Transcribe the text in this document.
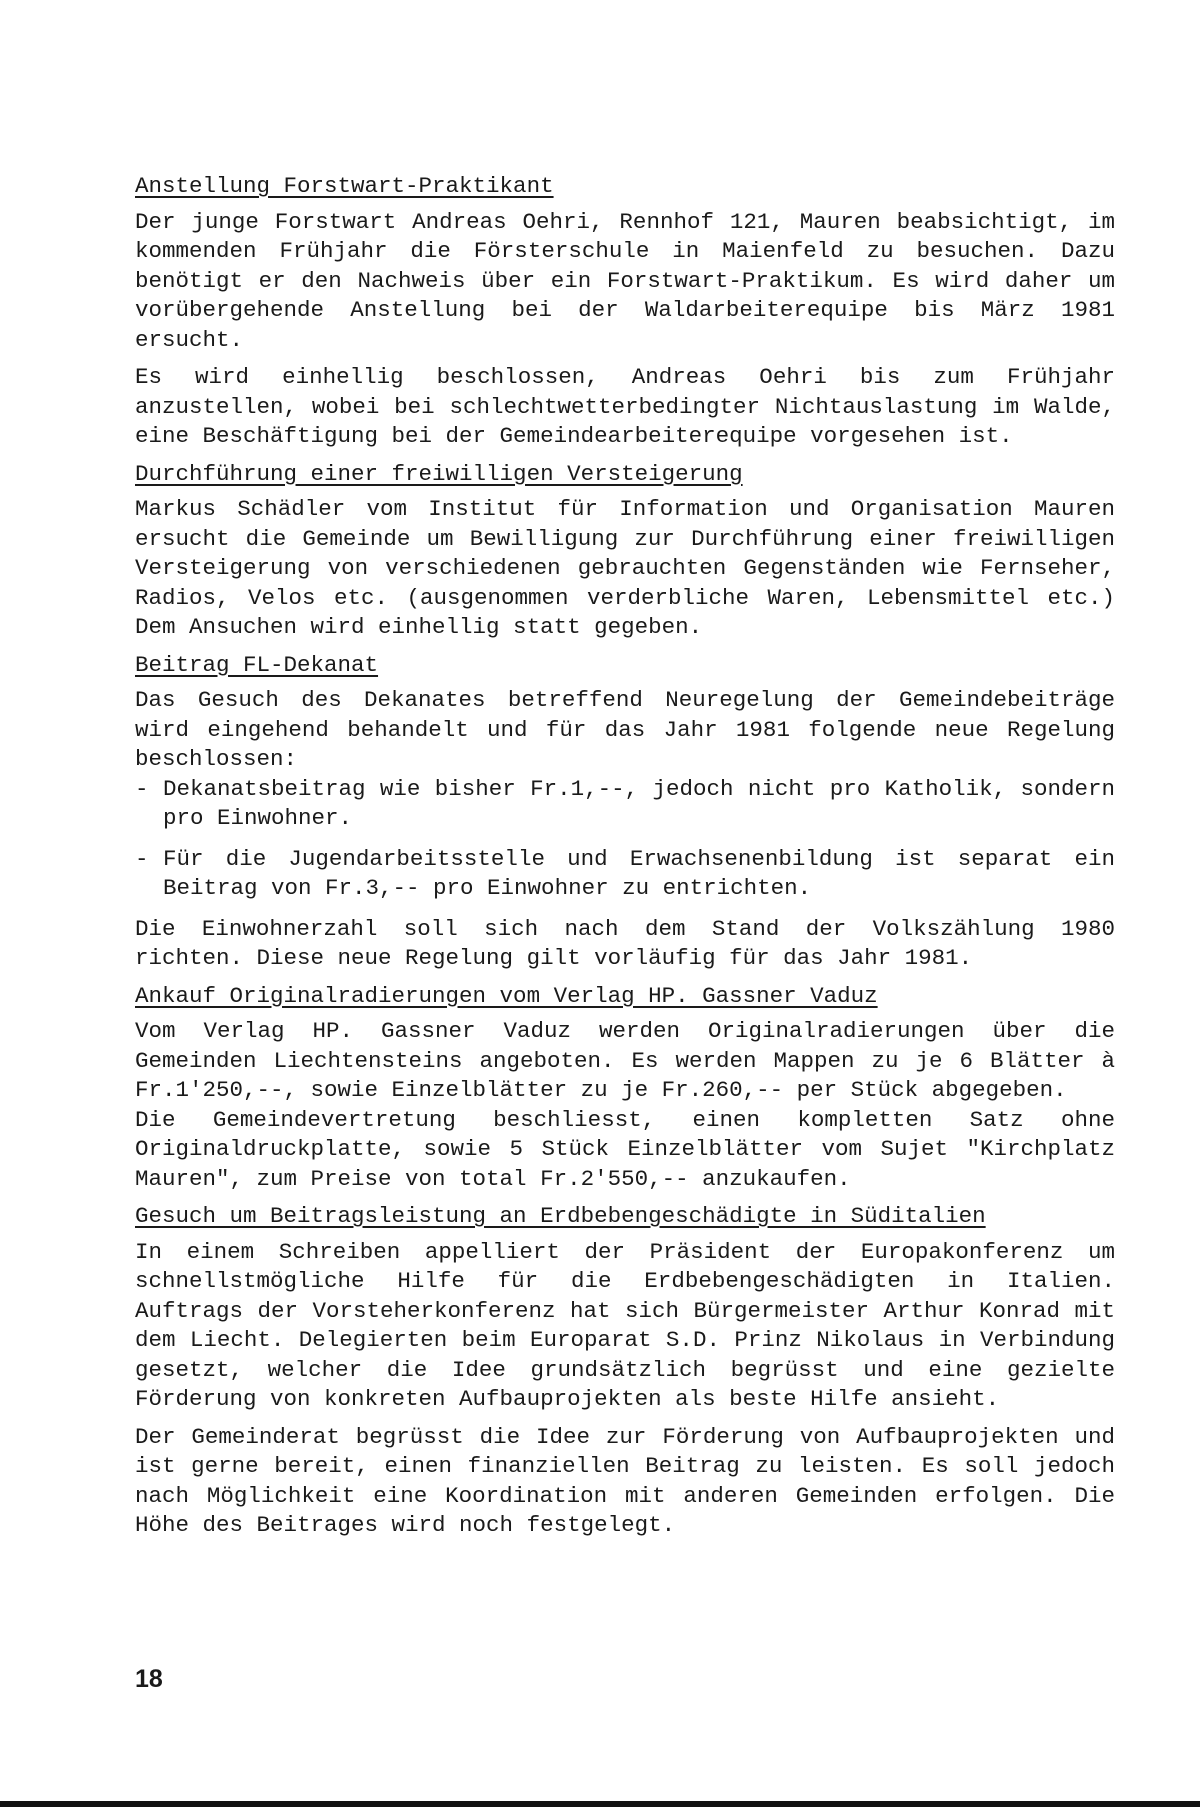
Anstellung Forstwart-Praktikant

Der junge Forstwart Andreas Oehri, Rennhof 121, Mauren beabsichtigt, im kommenden Frühjahr die Försterschule in Maienfeld zu besuchen. Dazu benötigt er den Nachweis über ein Forstwart-Praktikum. Es wird daher um vorübergehende Anstellung bei der Waldarbeiterequipe bis März 1981 ersucht.

Es wird einhellig beschlossen, Andreas Oehri bis zum Frühjahr anzustellen, wobei bei schlechtwetterbedingter Nichtauslastung im Walde, eine Beschäftigung bei der Gemeindearbeiterequipe vorgesehen ist.

Durchführung einer freiwilligen Versteigerung

Markus Schädler vom Institut für Information und Organisation Mauren ersucht die Gemeinde um Bewilligung zur Durchführung einer freiwilligen Versteigerung von verschiedenen gebrauchten Gegenständen wie Fernseher, Radios, Velos etc. (ausgenommen verderbliche Waren, Lebensmittel etc.) Dem Ansuchen wird einhellig statt gegeben.

Beitrag FL-Dekanat

Das Gesuch des Dekanates betreffend Neuregelung der Gemeindebeiträge wird eingehend behandelt und für das Jahr 1981 folgende neue Regelung beschlossen:

- Dekanatsbeitrag wie bisher Fr.1,--, jedoch nicht pro Katholik, sondern pro Einwohner.
- Für die Jugendarbeitsstelle und Erwachsenenbildung ist separat ein Beitrag von Fr.3,-- pro Einwohner zu entrichten.

Die Einwohnerzahl soll sich nach dem Stand der Volkszählung 1980 richten. Diese neue Regelung gilt vorläufig für das Jahr 1981.

Ankauf Originalradierungen vom Verlag HP. Gassner Vaduz

Vom Verlag HP. Gassner Vaduz werden Originalradierungen über die Gemeinden Liechtensteins angeboten. Es werden Mappen zu je 6 Blätter à Fr.1'250,--, sowie Einzelblätter zu je Fr.260,-- per Stück abgegeben.

Die Gemeindevertretung beschliesst, einen kompletten Satz ohne Originaldruckplatte, sowie 5 Stück Einzelblätter vom Sujet "Kirchplatz Mauren", zum Preise von total Fr.2'550,-- anzukaufen.

Gesuch um Beitragsleistung an Erdbebengeschädigte in Süditalien

In einem Schreiben appelliert der Präsident der Europakonferenz um schnellstmögliche Hilfe für die Erdbebengeschädigten in Italien. Auftrags der Vorsteherkonferenz hat sich Bürgermeister Arthur Konrad mit dem Liecht. Delegierten beim Europarat S.D. Prinz Nikolaus in Verbindung gesetzt, welcher die Idee grundsätzlich begrüsst und eine gezielte Förderung von konkreten Aufbauprojekten als beste Hilfe ansieht.

Der Gemeinderat begrüsst die Idee zur Förderung von Aufbauprojekten und ist gerne bereit, einen finanziellen Beitrag zu leisten. Es soll jedoch nach Möglichkeit eine Koordination mit anderen Gemeinden erfolgen. Die Höhe des Beitrages wird noch festgelegt.

18
